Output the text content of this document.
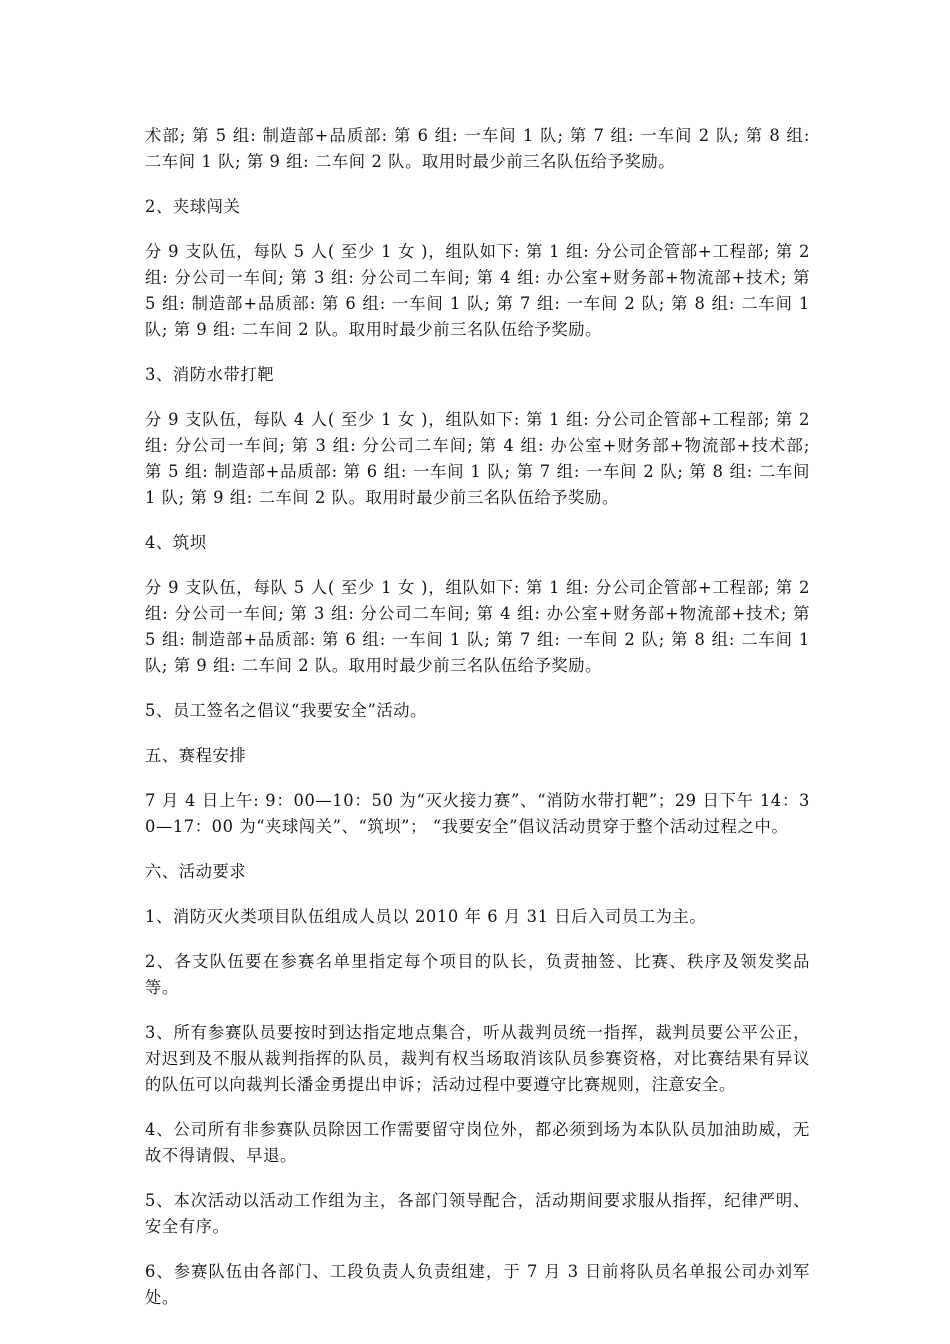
术部; 第 5 组: 制造部+品质部: 第 6 组: 一车间 1 队; 第 7 组: 一车间 2 队; 第 8 组: 二车间 1 队; 第 9 组: 二车间 2 队。取用时最少前三名队伍给予奖励。

2、夹球闯关

分 9 支队伍，每队 5 人( 至少 1 女 )，组队如下: 第 1 组: 分公司企管部+工程部; 第 2 组: 分公司一车间; 第 3 组: 分公司二车间; 第 4 组: 办公室+财务部+物流部+技术; 第 5 组: 制造部+品质部: 第 6 组: 一车间 1 队; 第 7 组: 一车间 2 队; 第 8 组: 二车间 1 队; 第 9 组: 二车间 2 队。取用时最少前三名队伍给予奖励。

3、消防水带打靶

分 9 支队伍，每队 4 人( 至少 1 女 )，组队如下: 第 1 组: 分公司企管部+工程部; 第 2 组: 分公司一车间; 第 3 组: 分公司二车间; 第 4 组: 办公室+财务部+物流部+技术部; 第 5 组: 制造部+品质部: 第 6 组: 一车间 1 队; 第 7 组: 一车间 2 队; 第 8 组: 二车间 1 队; 第 9 组: 二车间 2 队。取用时最少前三名队伍给予奖励。

4、筑坝

分 9 支队伍，每队 5 人( 至少 1 女 )，组队如下: 第 1 组: 分公司企管部+工程部; 第 2 组: 分公司一车间; 第 3 组: 分公司二车间; 第 4 组: 办公室+财务部+物流部+技术; 第 5 组: 制造部+品质部: 第 6 组: 一车间 1 队; 第 7 组: 一车间 2 队; 第 8 组: 二车间 1 队; 第 9 组: 二车间 2 队。取用时最少前三名队伍给予奖励。

5、员工签名之倡议“我要安全”活动。

五、赛程安排

7 月 4 日上午: 9：00—10：50 为“灭火接力赛”、“消防水带打靶”；29 日下午 14：30—17：00 为“夹球闯关”、“筑坝”； “我要安全”倡议活动贯穿于整个活动过程之中。

六、活动要求

1、消防灭火类项目队伍组成人员以 2010 年 6 月 31 日后入司员工为主。

2、各支队伍要在参赛名单里指定每个项目的队长，负责抽签、比赛、秩序及领发奖品等。

3、所有参赛队员要按时到达指定地点集合，听从裁判员统一指挥，裁判员要公平公正，对迟到及不服从裁判指挥的队员，裁判有权当场取消该队员参赛资格，对比赛结果有异议的队伍可以向裁判长潘金勇提出申诉；活动过程中要遵守比赛规则，注意安全。

4、公司所有非参赛队员除因工作需要留守岗位外，都必须到场为本队队员加油助威，无故不得请假、早退。

5、本次活动以活动工作组为主，各部门领导配合，活动期间要求服从指挥，纪律严明、安全有序。

6、参赛队伍由各部门、工段负责人负责组建，于 7 月 3 日前将队员名单报公司办刘军处。
